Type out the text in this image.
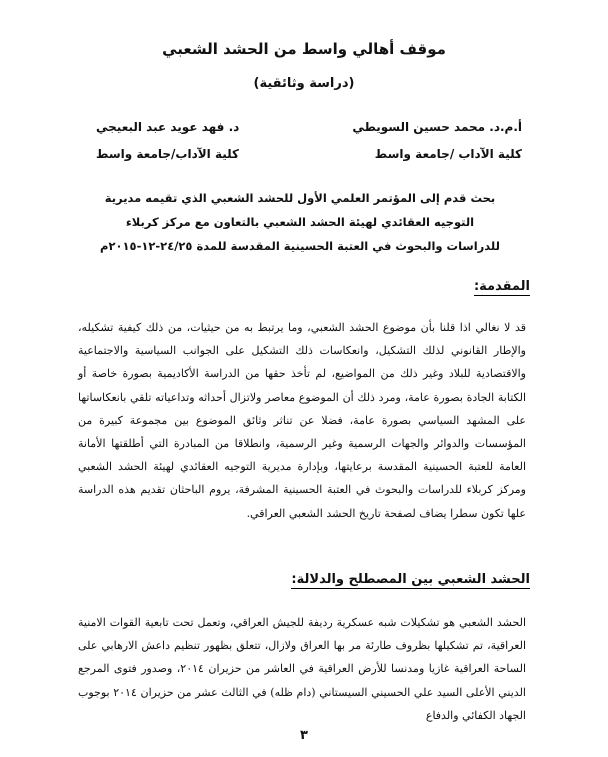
موقف أهالي واسط من الحشد الشعبي
(دراسة وثائقية)
أ.م.د. محمد حسين السويطي
كلية الآداب /جامعة واسط
د. فهد عويد عبد البعيجي
كلية الآداب/جامعة واسط
بحث قدم إلى المؤتمر العلمي الأول للحشد الشعبي الذي تقيمه مديرية
التوجيه العقائدي لهيئة الحشد الشعبي بالتعاون مع مركز كربلاء
للدراسات والبحوث في العتبة الحسينية المقدسة للمدة ٢٤/٢٥-١٢-٢٠١٥م
المقدمة:

قد لا نغالي اذا قلنا بأن موضوع الحشد الشعبي، وما يرتبط به من حيثيات، من ذلك كيفية تشكيله، والإطار القانوني لذلك التشكيل، وانعكاسات ذلك التشكيل على الجوانب السياسية والاجتماعية والاقتصادية للبلاد وغير ذلك من المواضيع، لم تأخذ حقها من الدراسة الأكاديمية بصورة خاصة أو الكتابة الجادة بصورة عامة، ومرد ذلك أن الموضوع معاصر ولاتزال أحداثه وتداعياته تلقي بانعكاساتها على المشهد السياسي بصورة عامة، فضلا عن تناثر وثائق الموضوع بين مجموعة كبيرة من المؤسسات والدوائر والجهات الرسمية وغير الرسمية، وانطلاقا من المبادرة التي أطلقتها الأمانة العامة للعتبة الحسينية المقدسة برعايتها، وبإدارة مديرية التوجيه العقائدي لهيئة الحشد الشعبي ومركز كربلاء للدراسات والبحوث في العتبة الحسينية المشرفة، يروم الباحثان تقديم هذه الدراسة علها تكون سطرا يضاف لصفحة تاريخ الحشد الشعبي العراقي.

الحشد الشعبي بين المصطلح والدلالة:

الحشد الشعبي هو تشكيلات شبه عسكرية رديفة للجيش العراقي، وتعمل تحت تابعية القوات الامنية العراقية، تم تشكيلها بظروف طارئة مر بها العراق ولازال، تتعلق بظهور تنظيم داعش الارهابي على الساحة العراقية غازيا ومدنسا للأرض العراقية في العاشر من حزيران ٢٠١٤، وصدور فتوى المرجع الديني الأعلى السيد علي الحسيني السيستاني (دام ظله) في الثالث عشر من حزيران ٢٠١٤ بوجوب الجهاد الكفائي والدفاع

٣
